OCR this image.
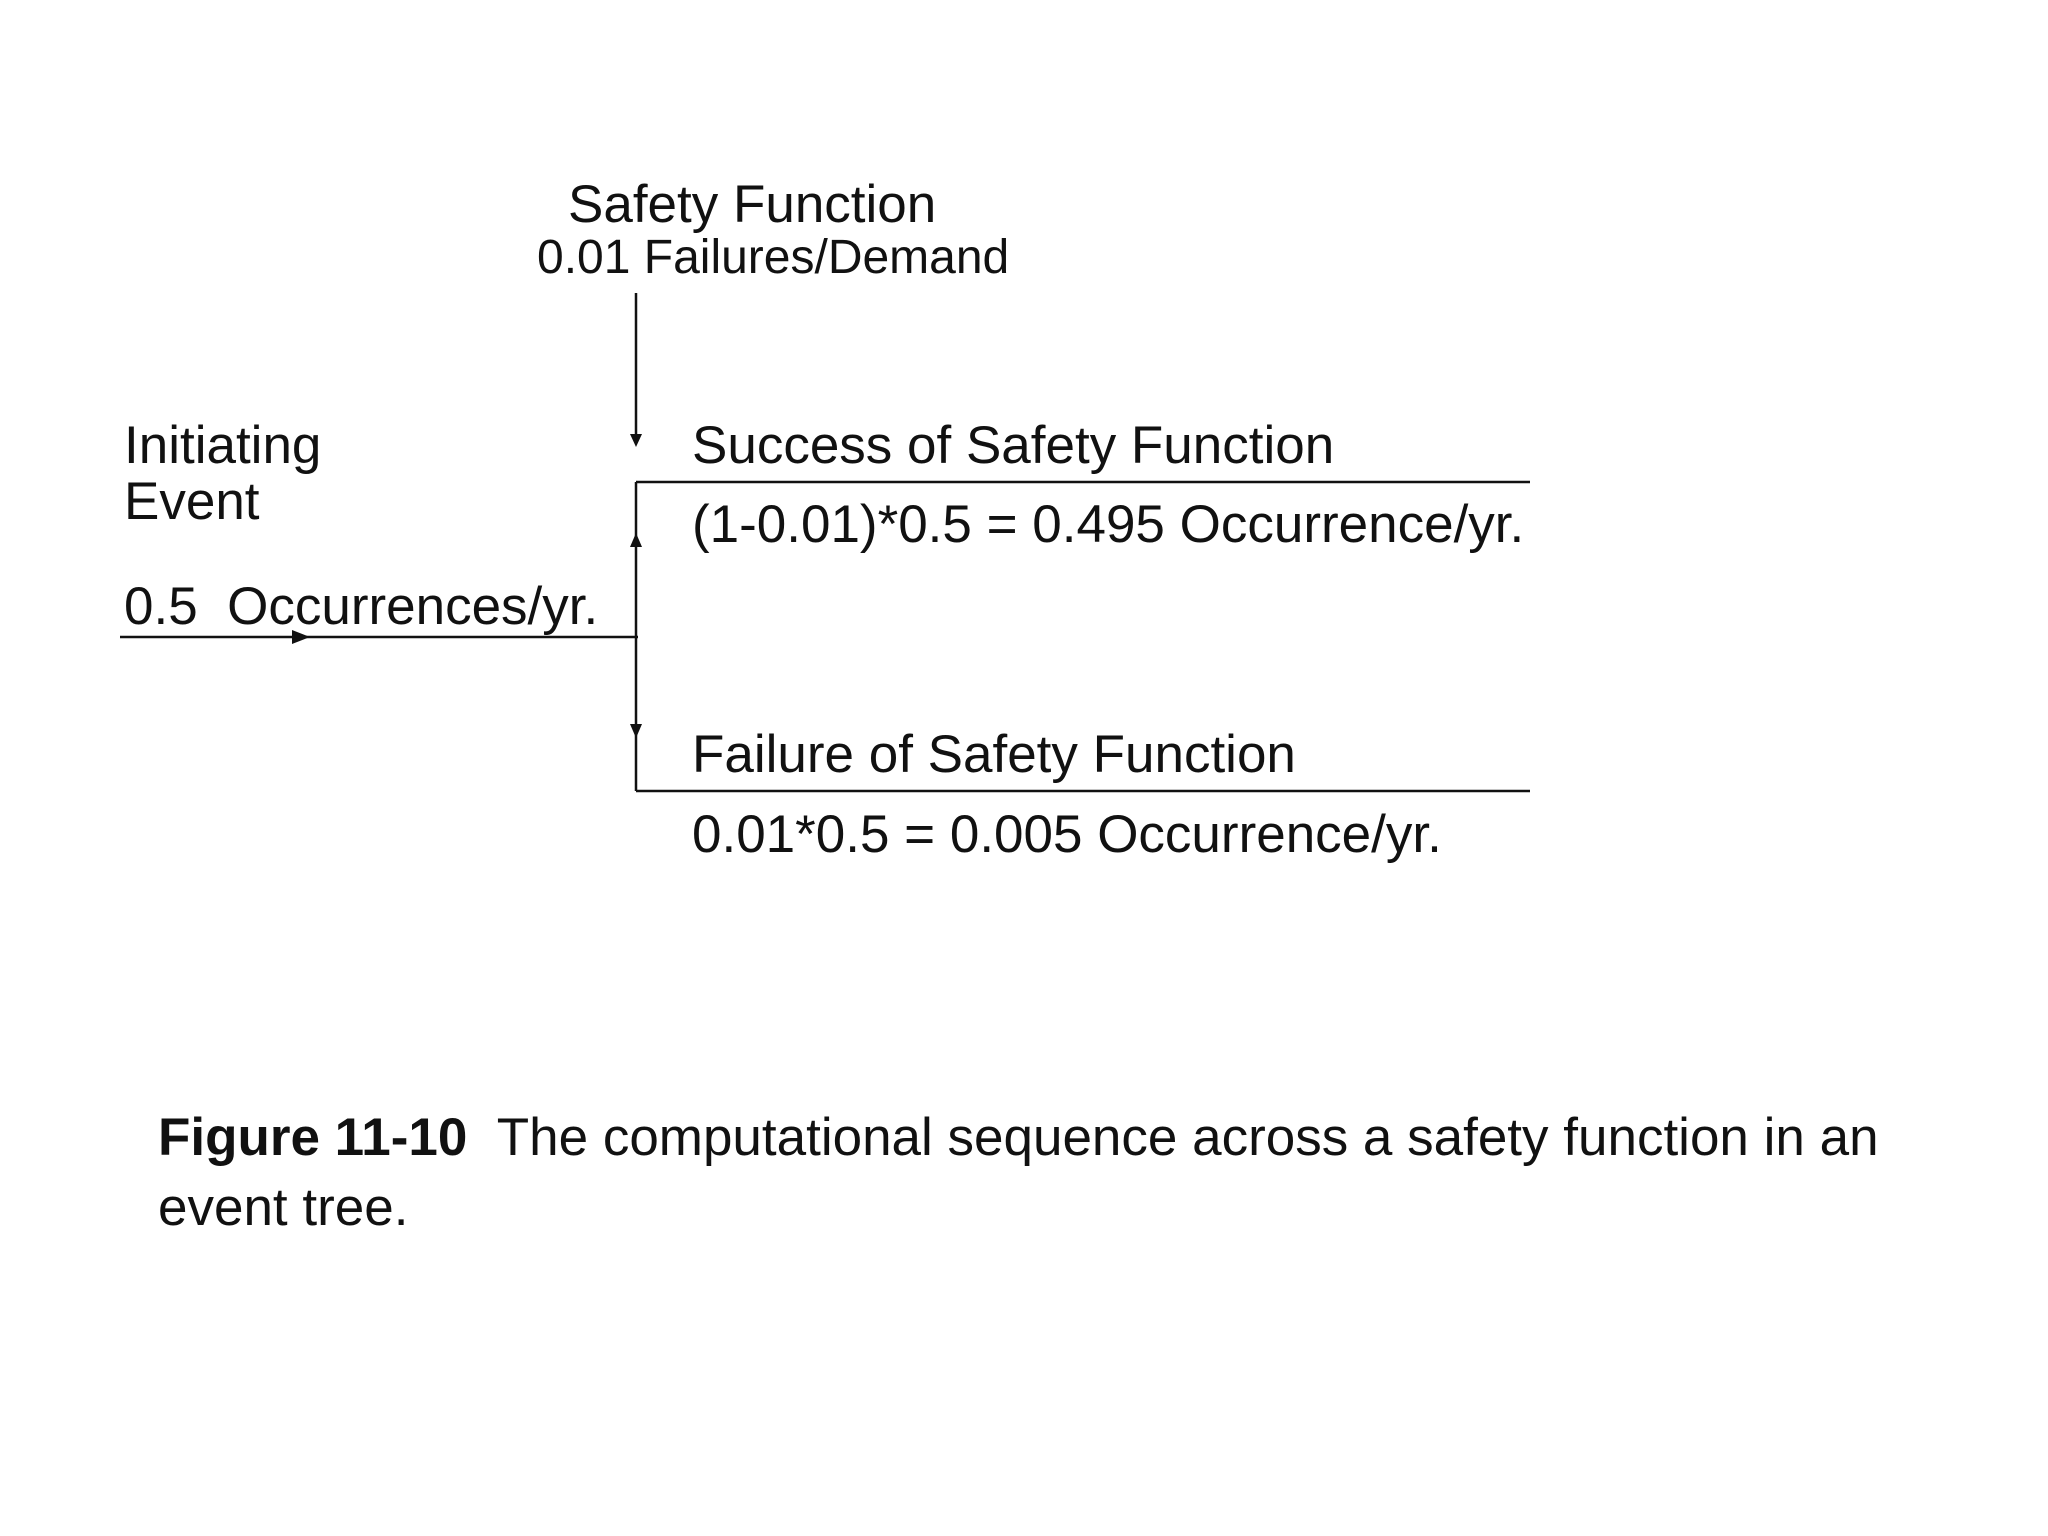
Safety Function
0.01 Failures/Demand
Initiating
Event
0.5  Occurrences/yr.
Success of Safety Function
(1-0.01)*0.5 = 0.495 Occurrence/yr.
Failure of Safety Function
0.01*0.5 = 0.005 Occurrence/yr.
Figure 11-10 The computational sequence across a safety function in an event tree.
